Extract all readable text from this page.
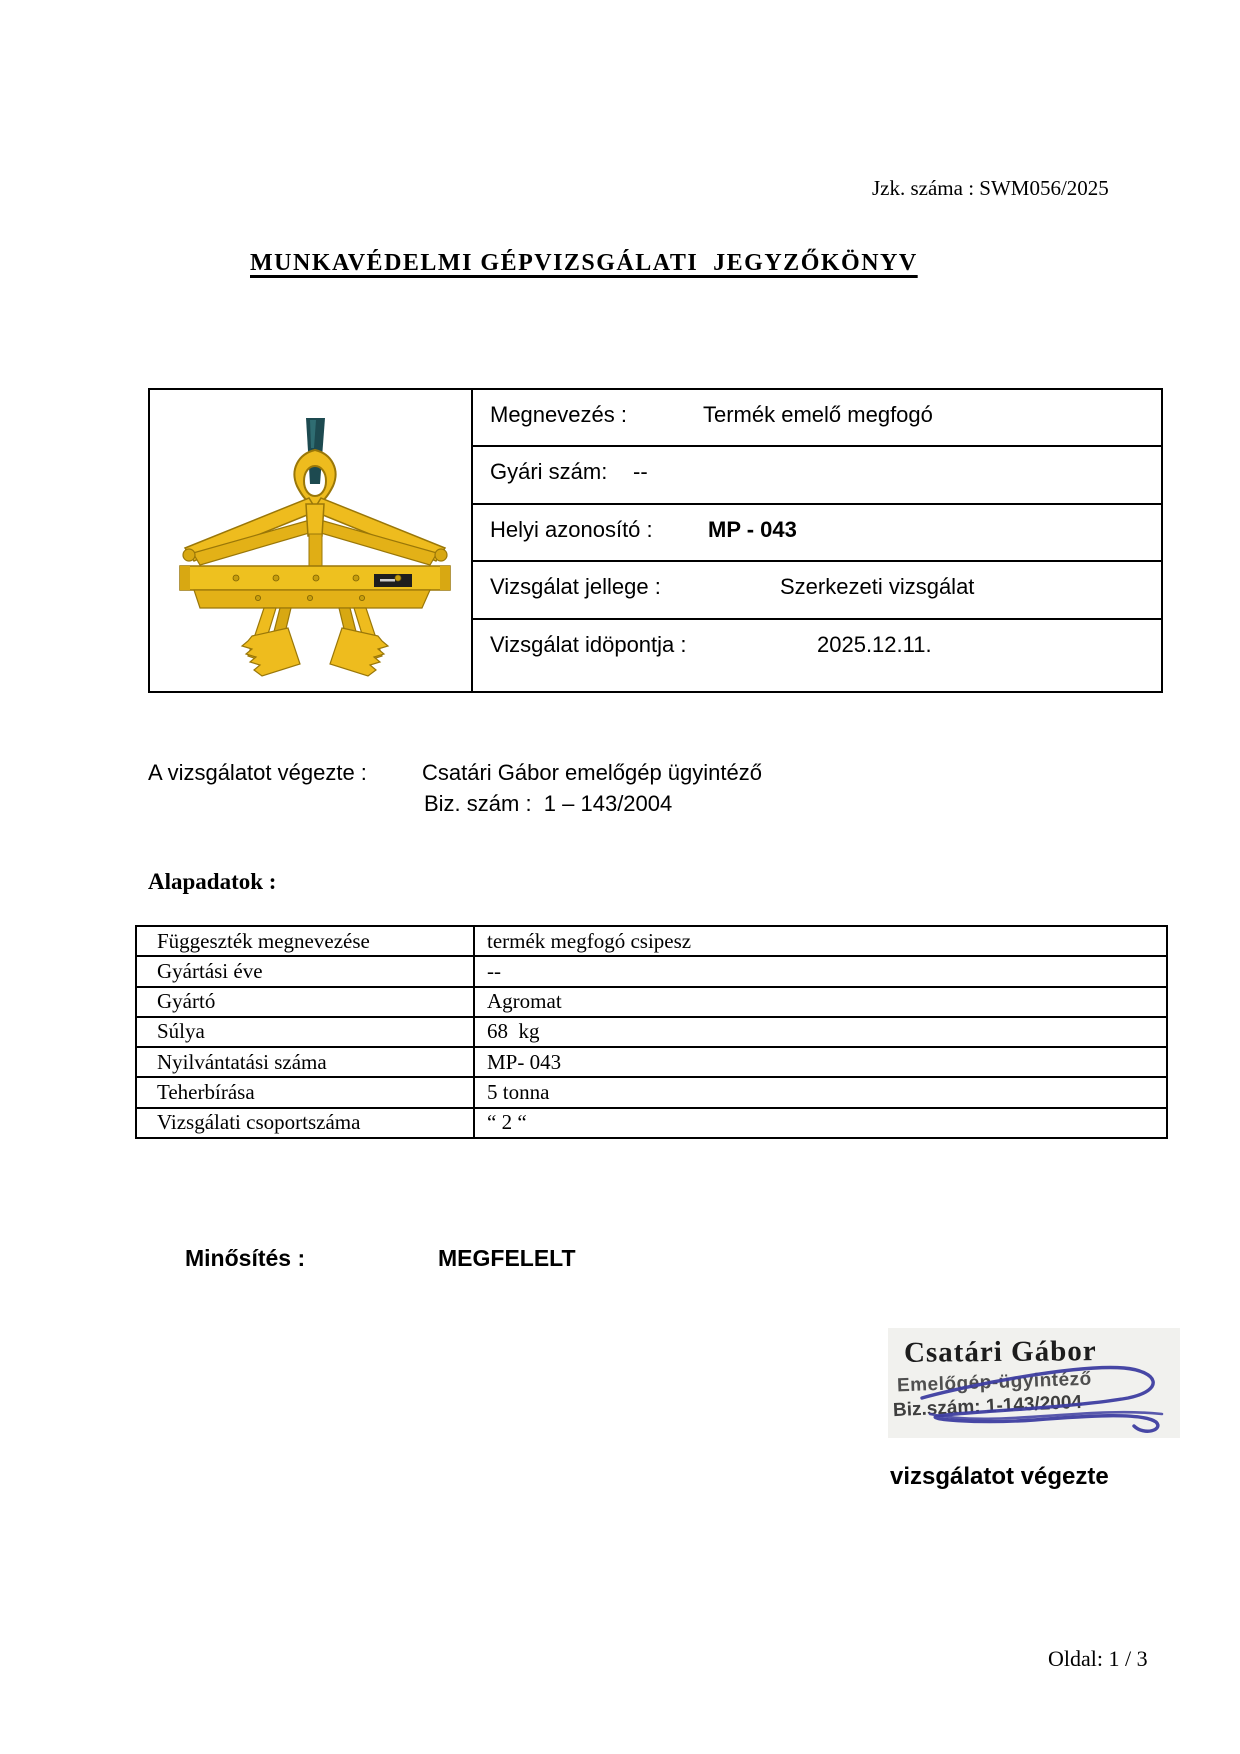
Jzk. száma : SWM056/2025
MUNKAVÉDELMI GÉPVIZSGÁLATI  JEGYZŐKÖNYV
Megnevezés :	Termék emelő megfogó
Gyári szám: --
Helyi azonosító :	MP - 043
Vizsgálat jellege :	Szerkezeti vizsgálat
Vizsgálat idöpontja :	2025.12.11.
A vizsgálatot végezte :	Csatári Gábor emelőgép ügyintéző
Biz. szám :  1 – 143/2004
Alapadatok :
Függeszték megnevezése	termék megfogó csipesz
Gyártási éve	--
Gyártó	Agromat
Súlya	68  kg
Nyilvántatási száma	MP- 043
Teherbírása	5 tonna
Vizsgálati csoportszáma	“ 2 “
Minősítés :	MEGFELELT
Csatári Gábor
Emelőgép-ügyintéző
Biz.szám: 1-143/2004
vizsgálatot végezte
Oldal: 1 / 3
